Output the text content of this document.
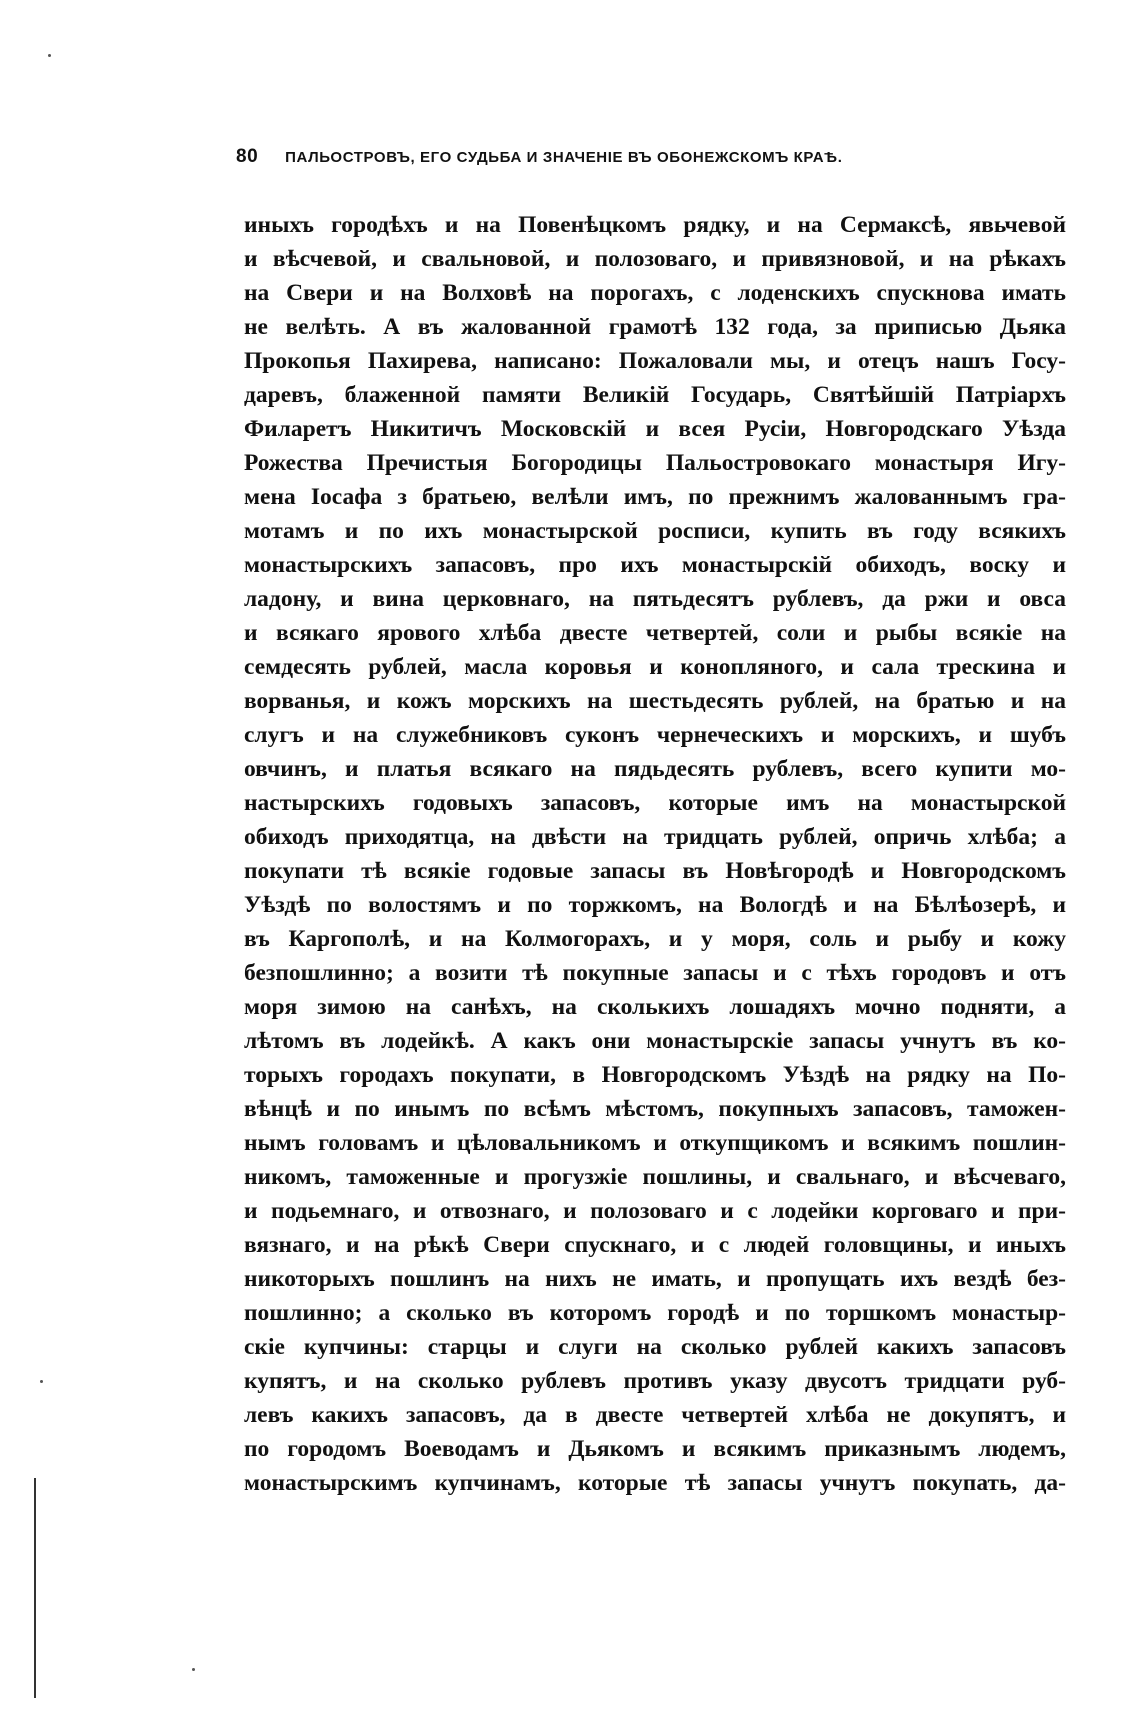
80 ПАЛЬОСТРОВЪ, ЕГО СУДЬБА И ЗНАЧЕНІЕ ВЪ ОБОНЕЖСКОМЪ КРАѢ.
иныхъ городѣхъ и на Повенѣцкомъ рядку, и на Сермаксѣ, явьчевой
и вѣсчевой, и свальновой, и полозоваго, и привязновой, и на рѣкахъ
на Свери и на Волховѣ на порогахъ, с лоденскихъ спускнова имать
не велѣть. А въ жалованной грамотѣ 132 года, за приписью Дьяка
Прокопья Пахирева, написано: Пожаловали мы, и отецъ нашъ Госу-
даревъ, блаженной памяти Великій Государь, Святѣйшій Патріархъ
Филаретъ Никитичъ Московскій и всея Русіи, Новгородскаго Уѣзда
Рожества Пречистыя Богородицы Пальостровокаго монастыря Игу-
мена Іосафа з братьею, велѣли имъ, по прежнимъ жалованнымъ гра-
мотамъ и по ихъ монастырской росписи, купить въ году всякихъ
монастырскихъ запасовъ, про ихъ монастырскій обиходъ, воску и
ладону, и вина церковнаго, на пятьдесятъ рублевъ, да ржи и овса
и всякаго ярового хлѣба двесте четвертей, соли и рыбы всякіе на
семдесять рублей, масла коровья и конопляного, и сала трескина и
ворванья, и кожъ морскихъ на шестьдесять рублей, на братью и на
слугъ и на служебниковъ суконъ чернеческихъ и морскихъ, и шубъ
овчинъ, и платья всякаго на пядьдесять рублевъ, всего купити мо-
настырскихъ годовыхъ запасовъ, которые имъ на монастырской
обиходъ приходятца, на двѣсти на тридцать рублей, опричь хлѣба; а
покупати тѣ всякіе годовые запасы въ Новѣгородѣ и Новгородскомъ
Уѣздѣ по волостямъ и по торжкомъ, на Вологдѣ и на Бѣлѣозерѣ, и
въ Каргополѣ, и на Колмогорахъ, и у моря, соль и рыбу и кожу
безпошлинно; а возити тѣ покупные запасы и с тѣхъ городовъ и отъ
моря зимою на санѣхъ, на сколькихъ лошадяхъ мочно подняти, а
лѣтомъ въ лодейкѣ. А какъ они монастырскіе запасы учнутъ въ ко-
торыхъ городахъ покупати, в Новгородскомъ Уѣздѣ на рядку на По-
вѣнцѣ и по инымъ по всѣмъ мѣстомъ, покупныхъ запасовъ, таможен-
нымъ головамъ и цѣловальникомъ и откупщикомъ и всякимъ пошлин-
никомъ, таможенные и прогузжіе пошлины, и свальнаго, и вѣсчеваго,
и подьемнаго, и отвознаго, и полозоваго и с лодейки корговаго и при-
вязнаго, и на рѣкѣ Свери спускнаго, и с людей головщины, и иныхъ
никоторыхъ пошлинъ на нихъ не имать, и пропущать ихъ вездѣ без-
пошлинно; а сколько въ которомъ городѣ и по торшкомъ монастыр-
скіе купчины: старцы и слуги на сколько рублей какихъ запасовъ
купятъ, и на сколько рублевъ противъ указу двусотъ тридцати руб-
левъ какихъ запасовъ, да в двесте четвертей хлѣба не докупятъ, и
по городомъ Вoеводамъ и Дьякомъ и всякимъ приказнымъ людемъ,
монастырскимъ купчинамъ, которые тѣ запасы учнутъ покупать, да-
